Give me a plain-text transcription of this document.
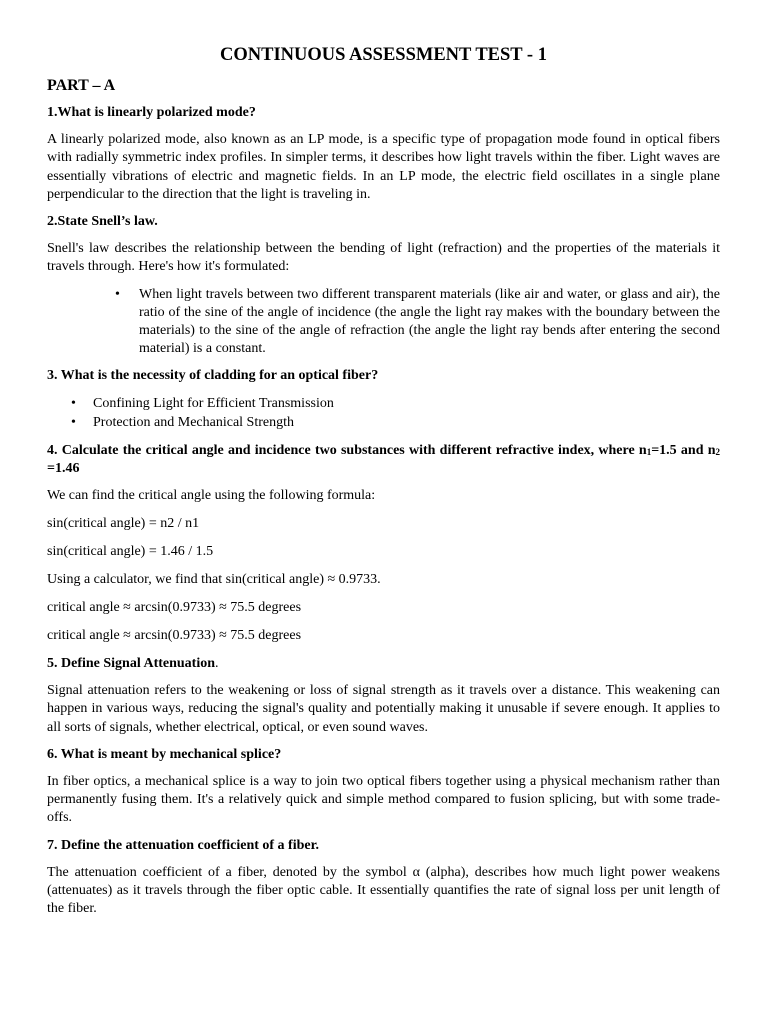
CONTINUOUS ASSESSMENT TEST - 1
PART – A
1.What is linearly polarized mode?
A linearly polarized mode, also known as an LP mode, is a specific type of propagation mode found in optical fibers with radially symmetric index profiles. In simpler terms, it describes how light travels within the fiber. Light waves are essentially vibrations of electric and magnetic fields. In an LP mode, the electric field oscillates in a single plane perpendicular to the direction that the light is traveling in.
2.State Snell’s law.
Snell's law describes the relationship between the bending of light (refraction) and the properties of the materials it travels through. Here's how it's formulated:
• When light travels between two different transparent materials (like air and water, or glass and air), the ratio of the sine of the angle of incidence (the angle the light ray makes with the boundary between the materials) to the sine of the angle of refraction (the angle the light ray bends after entering the second material) is a constant.
3. What is the necessity of cladding for an optical fiber?
• Confining Light for Efficient Transmission
• Protection and Mechanical Strength
4. Calculate the critical angle and incidence two substances with different refractive index, where $n_1=1.5$ and $n_2 =1.46$
We can find the critical angle using the following formula:
sin(critical angle) = n2 / n1
sin(critical angle) = 1.46 / 1.5
Using a calculator, we find that sin(critical angle) ≈ 0.9733.
critical angle ≈ arcsin(0.9733) ≈ 75.5 degrees
critical angle ≈ arcsin(0.9733) ≈ 75.5 degrees
5. Define Signal Attenuation.
Signal attenuation refers to the weakening or loss of signal strength as it travels over a distance. This weakening can happen in various ways, reducing the signal's quality and potentially making it unusable if severe enough. It applies to all sorts of signals, whether electrical, optical, or even sound waves.
6. What is meant by mechanical splice?
In fiber optics, a mechanical splice is a way to join two optical fibers together using a physical mechanism rather than permanently fusing them. It's a relatively quick and simple method compared to fusion splicing, but with some trade-offs.
7. Define the attenuation coefficient of a fiber.
The attenuation coefficient of a fiber, denoted by the symbol α (alpha), describes how much light power weakens (attenuates) as it travels through the fiber optic cable. It essentially quantifies the rate of signal loss per unit length of the fiber.
